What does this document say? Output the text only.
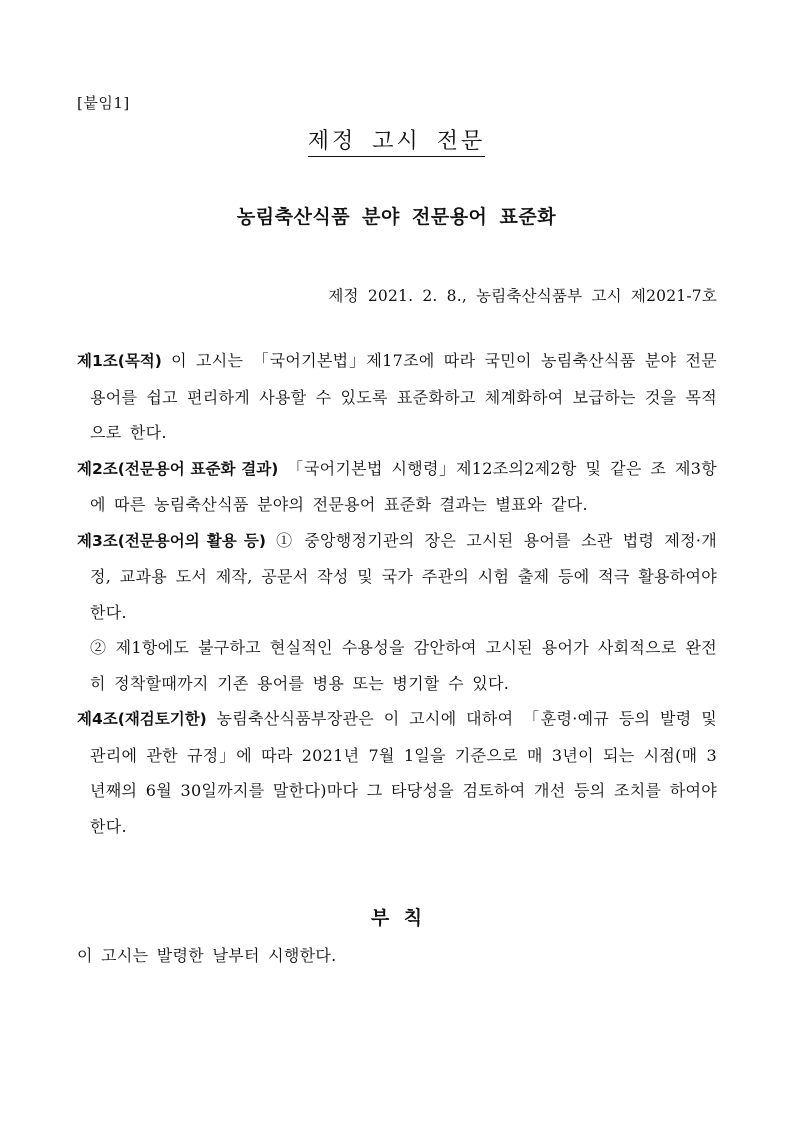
[붙임1]
제정 고시 전문
농림축산식품 분야 전문용어 표준화
제정 2021. 2. 8., 농림축산식품부 고시 제2021-7호

제1조(목적) 이 고시는 「국어기본법」제17조에 따라 국민이 농림축산식품 분야 전문용어를 쉽고 편리하게 사용할 수 있도록 표준화하고 체계화하여 보급하는 것을 목적으로 한다.

제2조(전문용어 표준화 결과) 「국어기본법 시행령」제12조의2제2항 및 같은 조 제3항에 따른 농림축산식품 분야의 전문용어 표준화 결과는 별표와 같다.

제3조(전문용어의 활용 등) ① 중앙행정기관의 장은 고시된 용어를 소관 법령 제정·개정, 교과용 도서 제작, 공문서 작성 및 국가 주관의 시험 출제 등에 적극 활용하여야 한다.

② 제1항에도 불구하고 현실적인 수용성을 감안하여 고시된 용어가 사회적으로 완전히 정착할때까지 기존 용어를 병용 또는 병기할 수 있다.

제4조(재검토기한) 농림축산식품부장관은 이 고시에 대하여 「훈령·예규 등의 발령 및 관리에 관한 규정」에 따라 2021년 7월 1일을 기준으로 매 3년이 되는 시점(매 3년째의 6월 30일까지를 말한다)마다 그 타당성을 검토하여 개선 등의 조치를 하여야 한다.

부 칙
이 고시는 발령한 날부터 시행한다.
